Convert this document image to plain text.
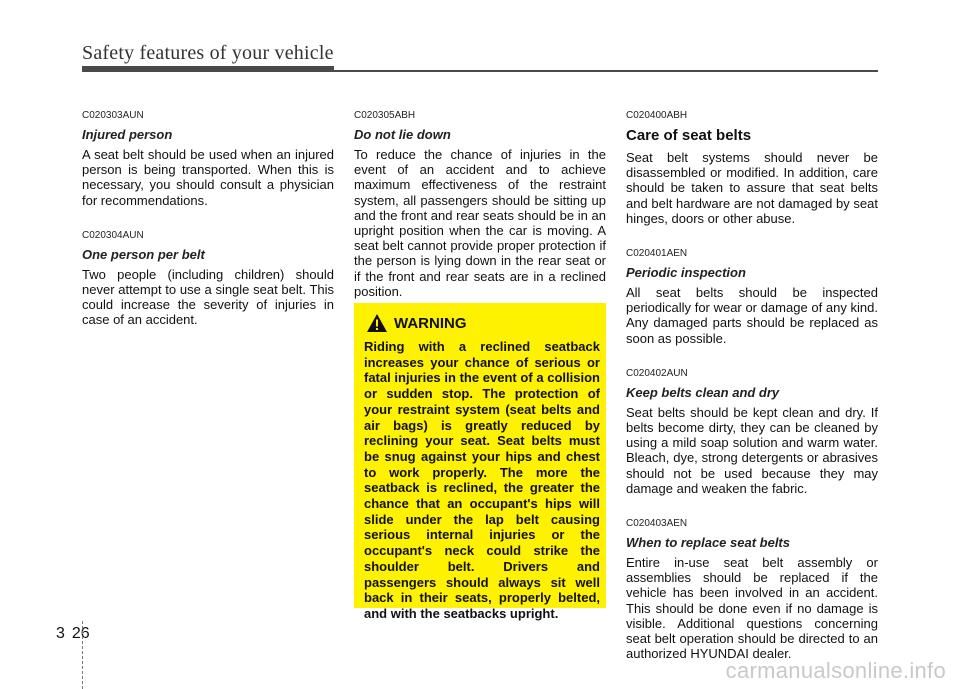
Safety features of your vehicle

C020303AUN

Injured person

A seat belt should be used when an injured person is being transported. When this is necessary, you should consult a physician for recommendations.

C020304AUN

One person per belt

Two people (including children) should never attempt to use a single seat belt. This could increase the severity of injuries in case of an accident.

C020305ABH

Do not lie down

To reduce the chance of injuries in the event of an accident and to achieve maximum effectiveness of the restraint system, all passengers should be sitting up and the front and rear seats should be in an upright position when the car is moving. A seat belt cannot provide proper protection if the person is lying down in the rear seat or if the front and rear seats are in a reclined position.

WARNING

Riding with a reclined seatback increases your chance of serious or fatal injuries in the event of a collision or sudden stop. The protection of your restraint system (seat belts and air bags) is greatly reduced by reclining your seat. Seat belts must be snug against your hips and chest to work properly. The more the seatback is reclined, the greater the chance that an occupant's hips will slide under the lap belt causing serious internal injuries or the occupant's neck could strike the shoulder belt. Drivers and passengers should always sit well back in their seats, properly belted, and with the seatbacks upright.

C020400ABH

Care of seat belts

Seat belt systems should never be disassembled or modified. In addition, care should be taken to assure that seat belts and belt hardware are not damaged by seat hinges, doors or other abuse.

C020401AEN

Periodic inspection

All seat belts should be inspected periodically for wear or damage of any kind. Any damaged parts should be replaced as soon as possible.

C020402AUN

Keep belts clean and dry

Seat belts should be kept clean and dry. If belts become dirty, they can be cleaned by using a mild soap solution and warm water. Bleach, dye, strong detergents or abrasives should not be used because they may damage and weaken the fabric.

C020403AEN

When to replace seat belts

Entire in-use seat belt assembly or assemblies should be replaced if the vehicle has been involved in an accident. This should be done even if no damage is visible. Additional questions concerning seat belt operation should be directed to an authorized HYUNDAI dealer.

3 26
carmanualsonline.info
